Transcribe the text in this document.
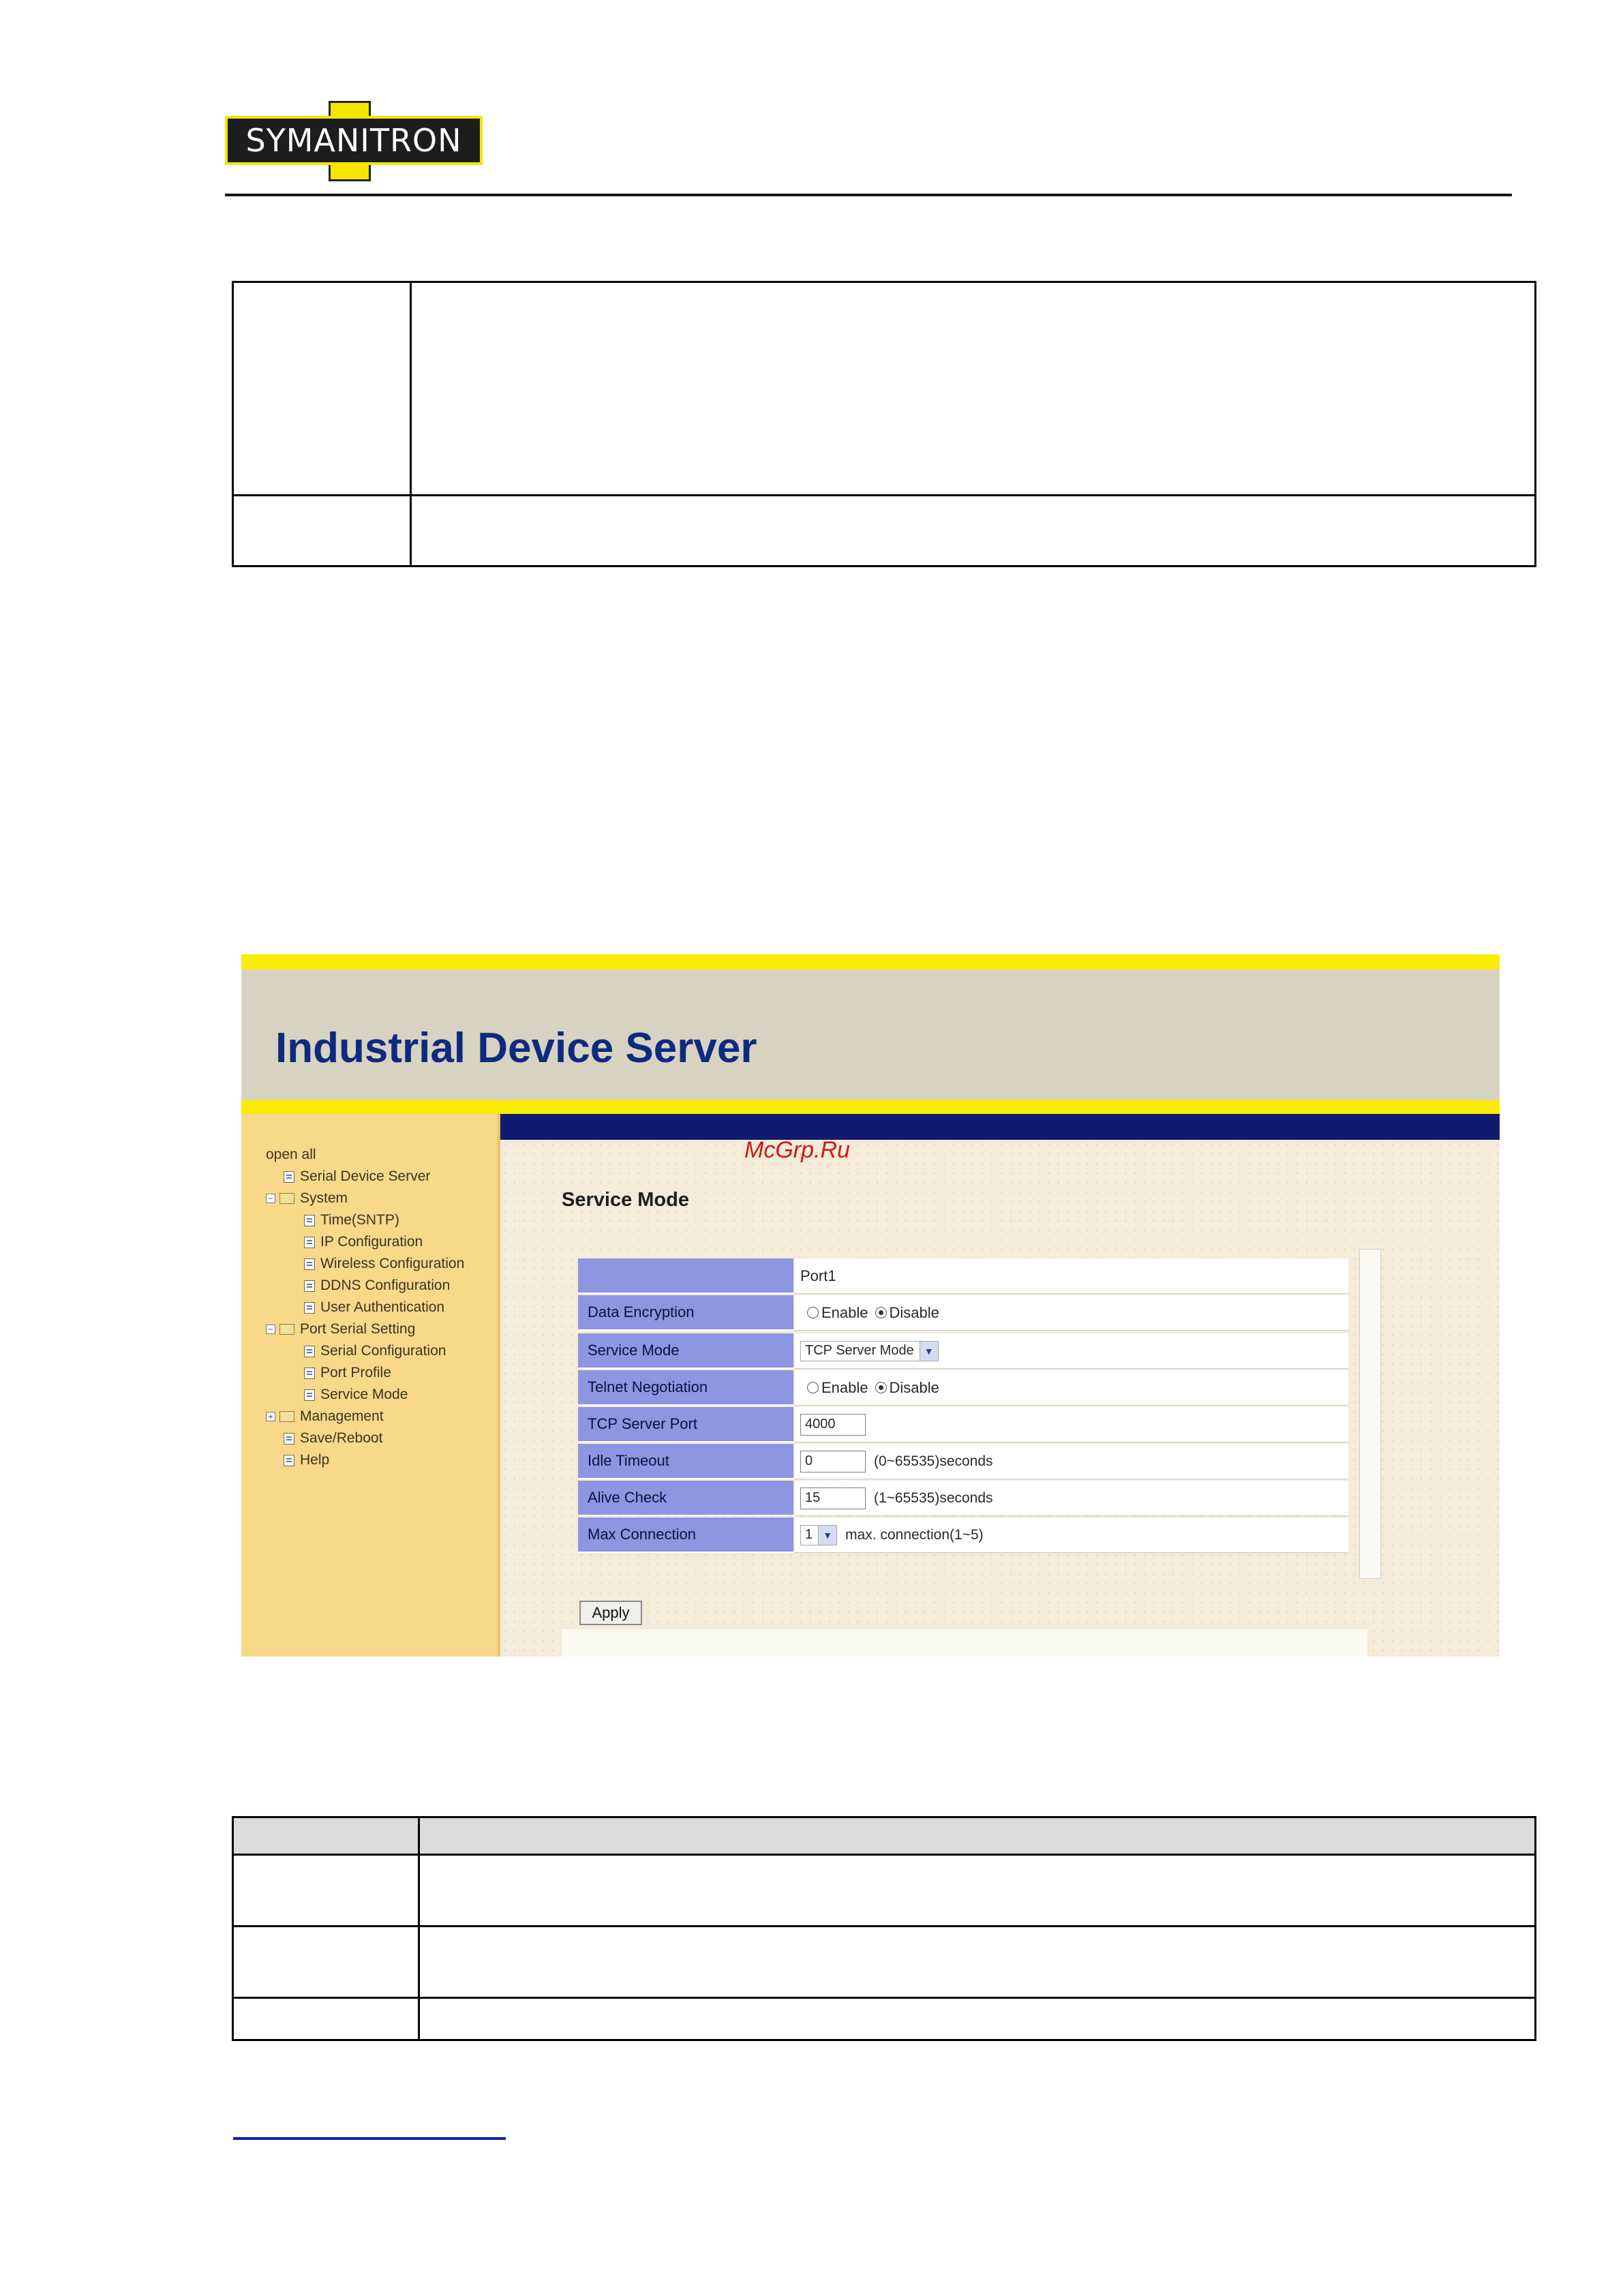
SYMANITRON
Industrial Device Server
McGrp.Ru
open all
Serial Device Server
− System
Time(SNTP)
IP Configuration
Wireless Configuration
DDNS Configuration
User Authentication
− Port Serial Setting
Serial Configuration
Port Profile
Service Mode
+ Management
Save/Reboot
Help
Service Mode
Port1
Data Encryption	Enable Disable
Service Mode	TCP Server Mode	▼
Telnet Negotiation	Enable Disable
TCP Server Port	4000
Idle Timeout	0	(0~65535)seconds
Alive Check	15	(1~65535)seconds
Max Connection	1	▼ max. connection(1~5)
Apply
